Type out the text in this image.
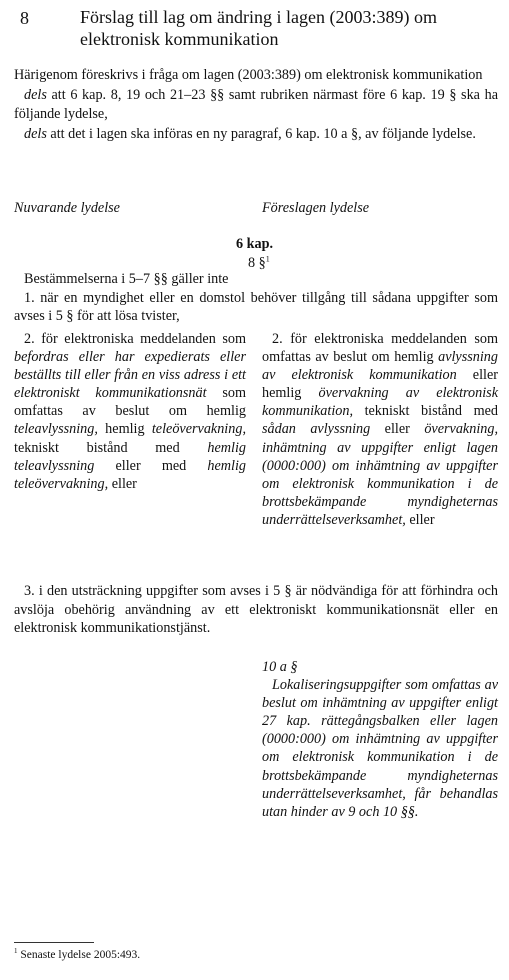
8	Förslag till lag om ändring i lagen (2003:389) om elektronisk kommunikation

Härigenom föreskrivs i fråga om lagen (2003:389) om elektronisk kommunikation

dels att 6 kap. 8, 19 och 21–23 §§ samt rubriken närmast före 6 kap. 19 § ska ha följande lydelse,

dels att det i lagen ska införas en ny paragraf, 6 kap. 10 a §, av följande lydelse.

Nuvarande lydelse	Föreslagen lydelse
6 kap.
8 §$^1$

Bestämmelserna i 5–7 §§ gäller inte

1. när en myndighet eller en domstol behöver tillgång till sådana uppgifter som avses i 5 § för att lösa tvister,

2. för elektroniska meddelanden som befordras eller har expedierats eller beställts till eller från en viss adress i ett elektroniskt kommunikationsnät som omfattas av beslut om hemlig teleavlyssning, hemlig teleövervakning, tekniskt bistånd med hemlig teleavlyssning eller med hemlig teleövervakning, eller

2. för elektroniska meddelanden som omfattas av beslut om hemlig avlyssning av elektronisk kommunikation eller hemlig övervakning av elektronisk kommunikation, tekniskt bistånd med sådan avlyssning eller övervakning, inhämtning av uppgifter enligt lagen (0000:000) om inhämtning av uppgifter om elektronisk kommunikation i de brottsbekämpande myndigheternas underrättelseverksamhet, eller

3. i den utsträckning uppgifter som avses i 5 § är nödvändiga för att förhindra och avslöja obehörig användning av ett elektroniskt kommunikationsnät eller en elektronisk kommunikationstjänst.

10 a §

Lokaliseringsuppgifter som omfattas av beslut om inhämtning av uppgifter enligt 27 kap. rättegångsbalken eller lagen (0000:000) om inhämtning av uppgifter om elektronisk kommunikation i de brottsbekämpande myndigheternas underrättelseverksamhet, får behandlas utan hinder av 9 och 10 §§.

$^1$ Senaste lydelse 2005:493.
